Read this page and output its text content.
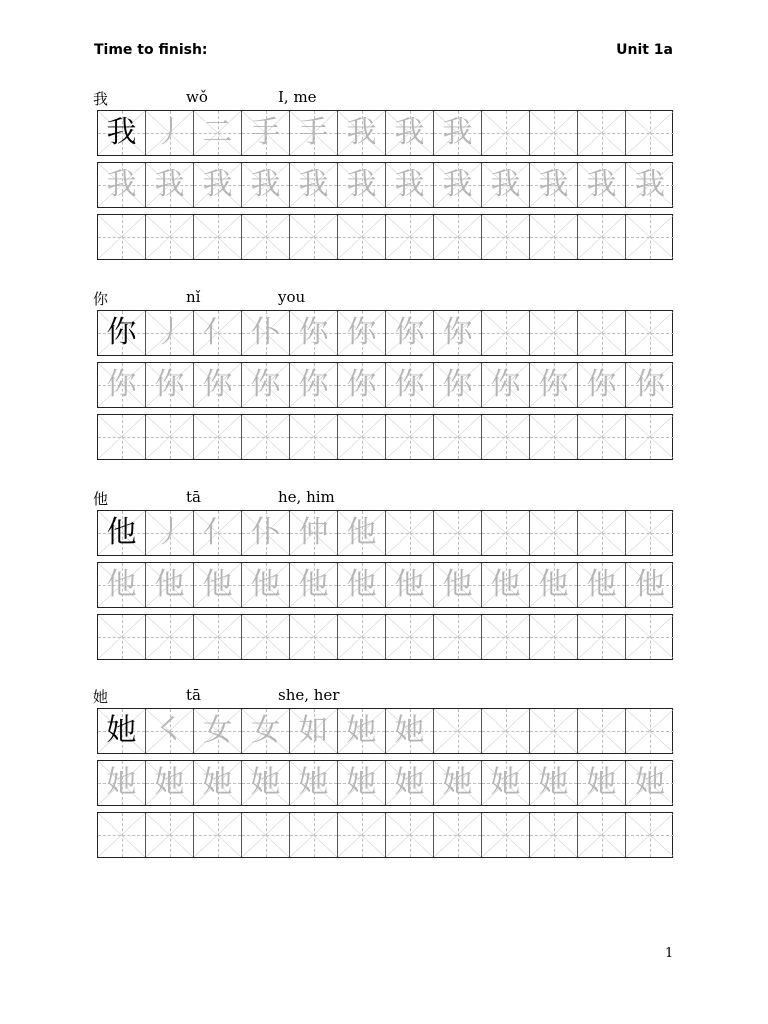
Time to finish:	Unit 1a
我	wǒ	I, me
我 丿 二 手 手 我 我 我
我 我 我 我 我 我 我 我 我 我 我 我
你	nǐ	you
你 丿 亻 仆 你 你 你 你
你 你 你 你 你 你 你 你 你 你 你 你
他	tā	he, him
他 丿 亻 仆 仲 他
他 他 他 他 他 他 他 他 他 他 他 他
她	tā	she, her
她 ㇛ 女 女 如 她 她
她 她 她 她 她 她 她 她 她 她 她 她
1
